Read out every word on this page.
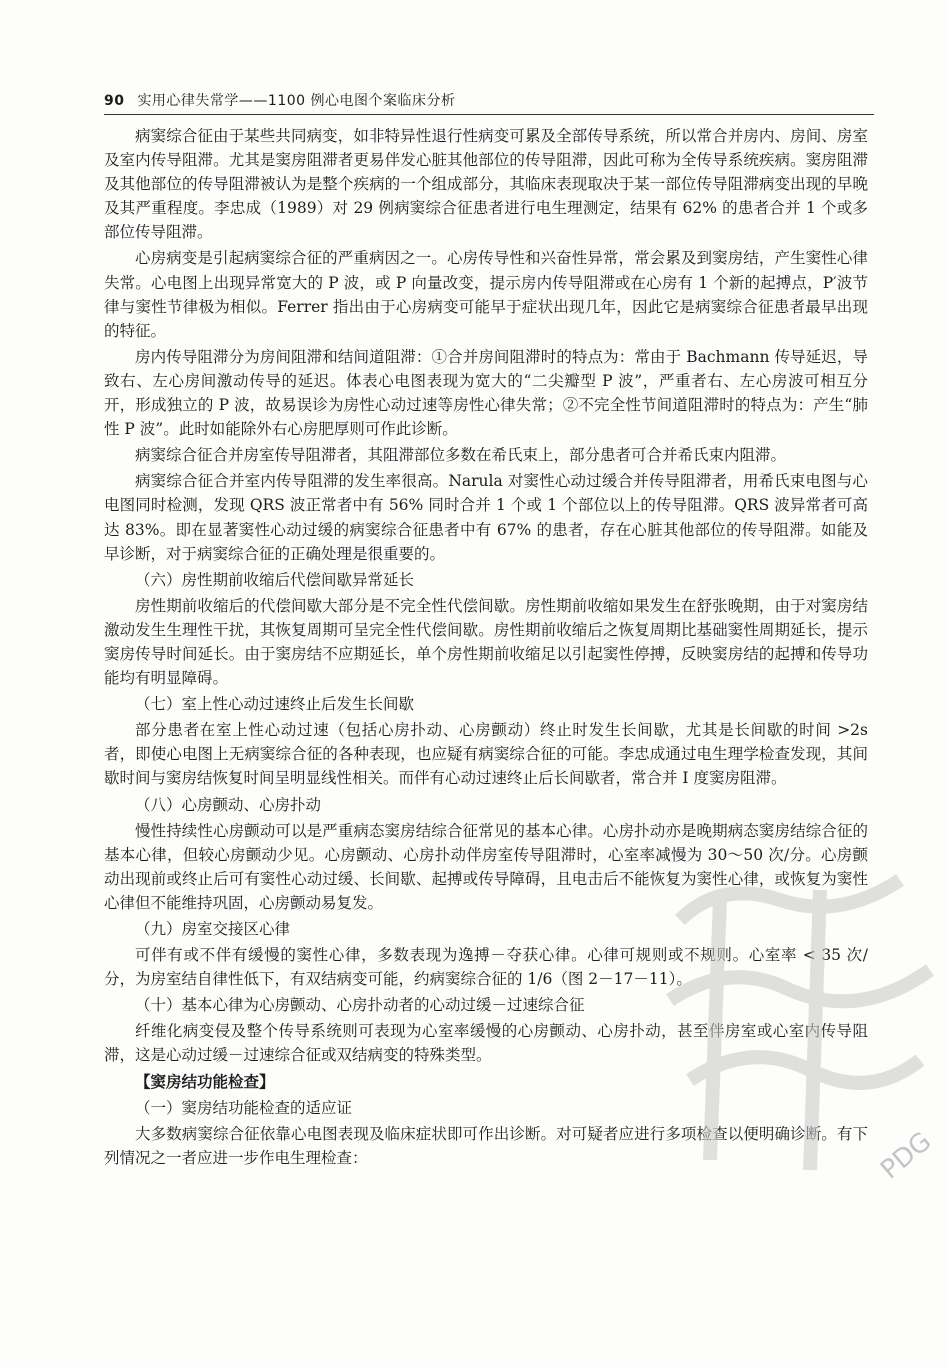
90 实用心律失常学——1100 例心电图个案临床分析

病窦综合征由于某些共同病变，如非特异性退行性病变可累及全部传导系统，所以常合并房内、房间、房室及室内传导阻滞。尤其是窦房阻滞者更易伴发心脏其他部位的传导阻滞，因此可称为全传导系统疾病。窦房阻滞及其他部位的传导阻滞被认为是整个疾病的一个组成部分，其临床表现取决于某一部位传导阻滞病变出现的早晚及其严重程度。李忠成（1989）对 29 例病窦综合征患者进行电生理测定，结果有 62% 的患者合并 1 个或多部位传导阻滞。

心房病变是引起病窦综合征的严重病因之一。心房传导性和兴奋性异常，常会累及到窦房结，产生窦性心律失常。心电图上出现异常宽大的 P 波，或 P 向量改变，提示房内传导阻滞或在心房有 1 个新的起搏点，P′波节律与窦性节律极为相似。Ferrer 指出由于心房病变可能早于症状出现几年，因此它是病窦综合征患者最早出现的特征。

房内传导阻滞分为房间阻滞和结间道阻滞：①合并房间阻滞时的特点为：常由于 Bachmann 传导延迟，导致右、左心房间激动传导的延迟。体表心电图表现为宽大的“二尖瓣型 P 波”，严重者右、左心房波可相互分开，形成独立的 P 波，故易误诊为房性心动过速等房性心律失常；②不完全性节间道阻滞时的特点为：产生“肺性 P 波”。此时如能除外右心房肥厚则可作此诊断。

病窦综合征合并房室传导阻滞者，其阻滞部位多数在希氏束上，部分患者可合并希氏束内阻滞。

病窦综合征合并室内传导阻滞的发生率很高。Narula 对窦性心动过缓合并传导阻滞者，用希氏束电图与心电图同时检测，发现 QRS 波正常者中有 56% 同时合并 1 个或 1 个部位以上的传导阻滞。QRS 波异常者可高达 83%。即在显著窦性心动过缓的病窦综合征患者中有 67% 的患者，存在心脏其他部位的传导阻滞。如能及早诊断，对于病窦综合征的正确处理是很重要的。

（六）房性期前收缩后代偿间歇异常延长

房性期前收缩后的代偿间歇大部分是不完全性代偿间歇。房性期前收缩如果发生在舒张晚期，由于对窦房结激动发生生理性干扰，其恢复周期可呈完全性代偿间歇。房性期前收缩后之恢复周期比基础窦性周期延长，提示窦房传导时间延长。由于窦房结不应期延长，单个房性期前收缩足以引起窦性停搏，反映窦房结的起搏和传导功能均有明显障碍。

（七）室上性心动过速终止后发生长间歇

部分患者在室上性心动过速（包括心房扑动、心房颤动）终止时发生长间歇，尤其是长间歇的时间 >2s 者，即使心电图上无病窦综合征的各种表现，也应疑有病窦综合征的可能。李忠成通过电生理学检查发现，其间歇时间与窦房结恢复时间呈明显线性相关。而伴有心动过速终止后长间歇者，常合并 I 度窦房阻滞。

（八）心房颤动、心房扑动

慢性持续性心房颤动可以是严重病态窦房结综合征常见的基本心律。心房扑动亦是晚期病态窦房结综合征的基本心律，但较心房颤动少见。心房颤动、心房扑动伴房室传导阻滞时，心室率减慢为 30～50 次/分。心房颤动出现前或终止后可有窦性心动过缓、长间歇、起搏或传导障碍，且电击后不能恢复为窦性心律，或恢复为窦性心律但不能维持巩固，心房颤动易复发。

（九）房室交接区心律

可伴有或不伴有缓慢的窦性心律，多数表现为逸搏－夺获心律。心律可规则或不规则。心室率 < 35 次/分，为房室结自律性低下，有双结病变可能，约病窦综合征的 1/6（图 2－17－11）。

（十）基本心律为心房颤动、心房扑动者的心动过缓－过速综合征

纤维化病变侵及整个传导系统则可表现为心室率缓慢的心房颤动、心房扑动，甚至伴房室或心室内传导阻滞，这是心动过缓－过速综合征或双结病变的特殊类型。

【窦房结功能检查】
（一）窦房结功能检查的适应证

大多数病窦综合征依靠心电图表现及临床症状即可作出诊断。对可疑者应进行多项检查以便明确诊断。有下列情况之一者应进一步作电生理检查：	PDG
